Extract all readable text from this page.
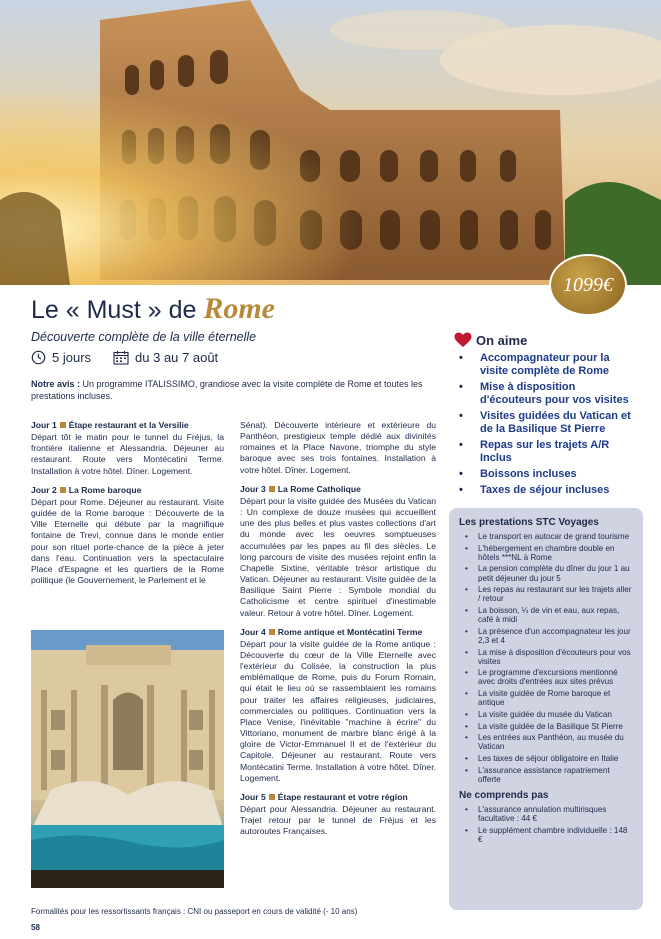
1099€
Le « Must » de Rome
Découverte complète de la ville éternelle
5 jours	du 3 au 7 août
Notre avis : Un programme ITALISSIMO, grandiose avec la visite complète de Rome et toutes les prestations incluses.
Jour 1 Étape restaurant et la Versilie
Départ tôt le matin pour le tunnel du Fréjus, la frontière italienne et Alessandria. Déjeuner au restaurant. Route vers Montécatini Terme. Installation à votre hôtel. Dîner. Logement.
Jour 2 La Rome baroque
Départ pour Rome. Déjeuner au restaurant. Visite guidée de la Rome baroque : Découverte de la Ville Eternelle qui débute par la magnifique fontaine de Trevi, connue dans le monde entier pour son rituel porte-chance de la pièce à jeter dans l'eau. Continuation vers la spectaculaire Place d'Espagne et les quartiers de la Rome politique (le Gouvernement, le Parlement et le
Sénat). Découverte intérieure et extérieure du Panthéon, prestigieux temple dédié aux divinités romaines et la Place Navone, triomphe du style baroque avec ses trois fontaines. Installation à votre hôtel. Dîner. Logement.
Jour 3 La Rome Catholique
Départ pour la visite guidée des Musées du Vatican : Un complexe de douze musées qui accueillent une des plus belles et plus vastes collections d'art du monde avec les oeuvres somptueuses accumulées par les papes au fil des siècles. Le long parcours de visite des musées rejoint enfin la Chapelle Sixtine, véritable trésor artistique du Vatican. Déjeuner au restaurant. Visite guidée de la Basilique Saint Pierre : Symbole mondial du Catholicisme et centre spirituel d'inestimable valeur. Retour à votre hôtel. Dîner. Logement.
Jour 4 Rome antique et Montécatini Terme
Départ pour la visite guidée de la Rome antique : Découverte du cœur de la Ville Eternelle avec l'extérieur du Colisée, la construction la plus emblématique de Rome, puis du Forum Romain, qui était le lieu où se rassemblaient les romains pour traiter les affaires religieuses, judiciaires, commerciales ou politiques. Continuation vers la Place Venise, l'inévitable "machine à écrire" du Vittoriano, monument de marbre blanc érigé à la gloire de Victor-Emmanuel II et de l'extérieur du Capitole. Déjeuner au restaurant. Route vers Montécatini Terme. Installation à votre hôtel. Dîner. Logement.
Jour 5 Étape restaurant et votre région
Départ pour Alessandria. Déjeuner au restaurant. Trajet retour par le tunnel de Fréjus et les autoroutes Françaises.
On aime
• Accompagnateur pour la visite complète de Rome
• Mise à disposition d'écouteurs pour vos visites
• Visites guidées du Vatican et de la Basilique St Pierre
• Repas sur les trajets A/R Inclus
• Boissons incluses
• Taxes de séjour incluses
Les prestations STC Voyages
• Le transport en autocar de grand tourisme
• L'hébergement en chambre double en hôtels ***NL à Rome
• La pension complète du dîner du jour 1 au petit déjeuner du jour 5
• Les repas au restaurant sur les trajets aller / retour
• La boisson, ¼ de vin et eau, aux repas, café à midi
• La présence d'un accompagnateur les jour 2,3 et 4
• La mise à disposition d'écouteurs pour vos visites
• Le programme d'excursions mentionné avec droits d'entrées aux sites prévus
• La visite guidée de Rome baroque et antique
• La visite guidée du musée du Vatican
• La visite guidée de la Basilique St Pierre
• Les entrées aux Panthéon, au musée du Vatican
• Les taxes de séjour obligatoire en Italie
• L'assurance assistance rapatriement offerte
Ne comprends pas
• L'assurance annulation multirisques facultative : 44 €
• Le supplément chambre individuelle : 148 €
Formalités pour les ressortissants français : CNI ou passeport en cours de validité (- 10 ans)
58
